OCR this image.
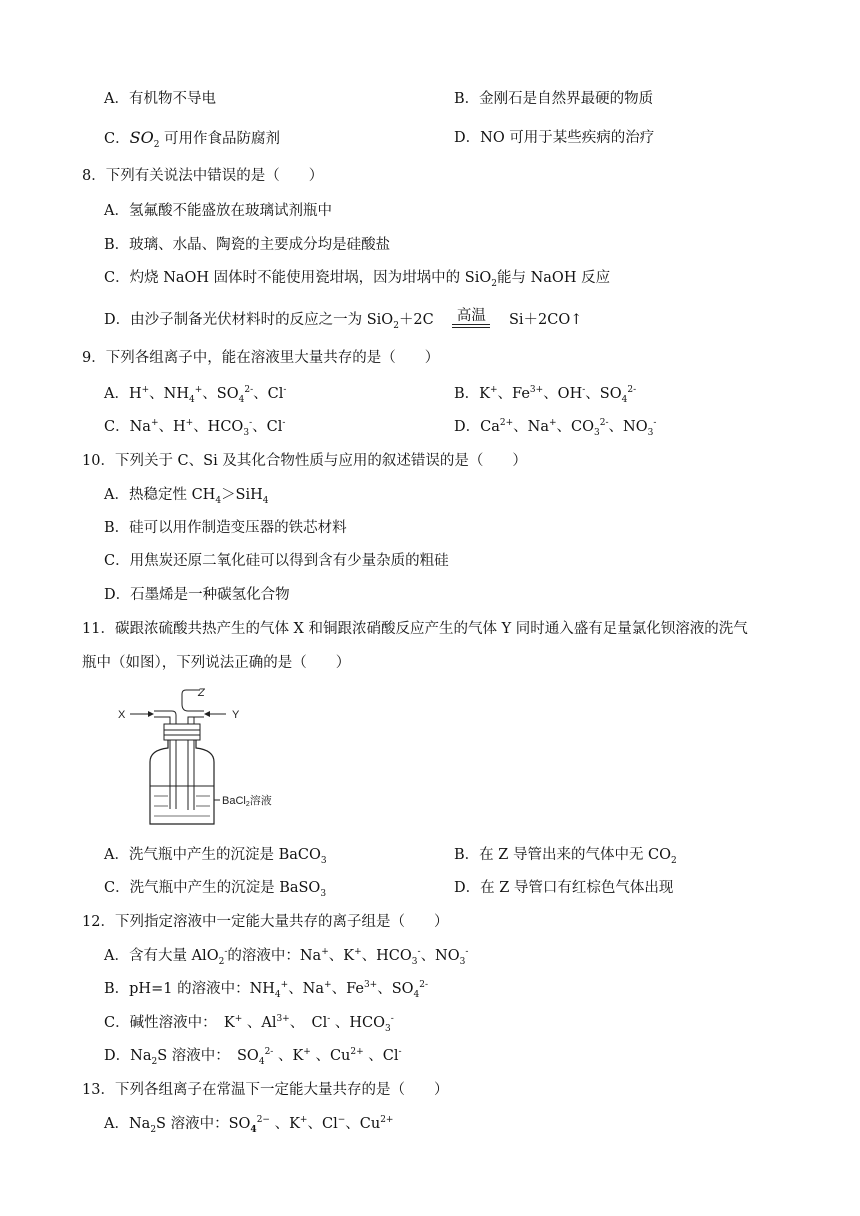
A．有机物不导电	B．金刚石是自然界最硬的物质
C．$SO_2$ 可用作食品防腐剂	D．NO 可用于某些疾病的治疗
8．下列有关说法中错误的是（　　）
A．氢氟酸不能盛放在玻璃试剂瓶中
B．玻璃、水晶、陶瓷的主要成分均是硅酸盐
C．灼烧 NaOH 固体时不能使用瓷坩埚，因为坩埚中的 SiO$_2$能与 NaOH 反应
D．由沙子制备光伏材料时的反应之一为 SiO$_2$＋2C 高温 Si＋2CO↑
9．下列各组离子中，能在溶液里大量共存的是（　　）
A．H+、$NH_4^+$、$SO_4^{2-}$、Cl-	B．K+、$Fe^{3+}$、OH-、$SO_4^{2-}$
C．Na+、H+、$HCO_3^-$、Cl-	D．$Ca^{2+}$、Na+、$CO_3^{2-}$、$NO_3^-$
10．下列关于 C、Si 及其化合物性质与应用的叙述错误的是（　　）
A．热稳定性 $CH_4>SiH_4$
B．硅可以用作制造变压器的铁芯材料
C．用焦炭还原二氧化硅可以得到含有少量杂质的粗硅
D．石墨烯是一种碳氢化合物
11．碳跟浓硫酸共热产生的气体 X 和铜跟浓硝酸反应产生的气体 Y 同时通入盛有足量氯化钡溶液的洗气
瓶中（如图），下列说法正确的是（　　）
X	Y
Z
BaCl2溶液
A．洗气瓶中产生的沉淀是 BaCO$_3$	B．在 Z 导管出来的气体中无 $CO_2$
C．洗气瓶中产生的沉淀是 BaSO$_3$	D．在 Z 导管口有红棕色气体出现
12．下列指定溶液中一定能大量共存的离子组是（　　）
A．含有大量 AlO$_2$-的溶液中：Na+、K+、$HCO_3^-$、$NO_3^-$
B．pH=1 的溶液中：$NH_4^+$、Na+、$Fe^{3+}$、$SO_4^{2-}$
C．碱性溶液中：　K+ 、$Al^{3+}$、　Cl- 、$HCO_3^-$
D．$Na_2S$ 溶液中：　$SO_4^{2-}$ 、K+ 、$Cu^{2+}$ 、Cl-
13．下列各组离子在常温下一定能大量共存的是（　　）
A．$Na_2S$ 溶液中：$SO_4^{2-}$ 、K+、Cl−、$Cu^{2+}$
